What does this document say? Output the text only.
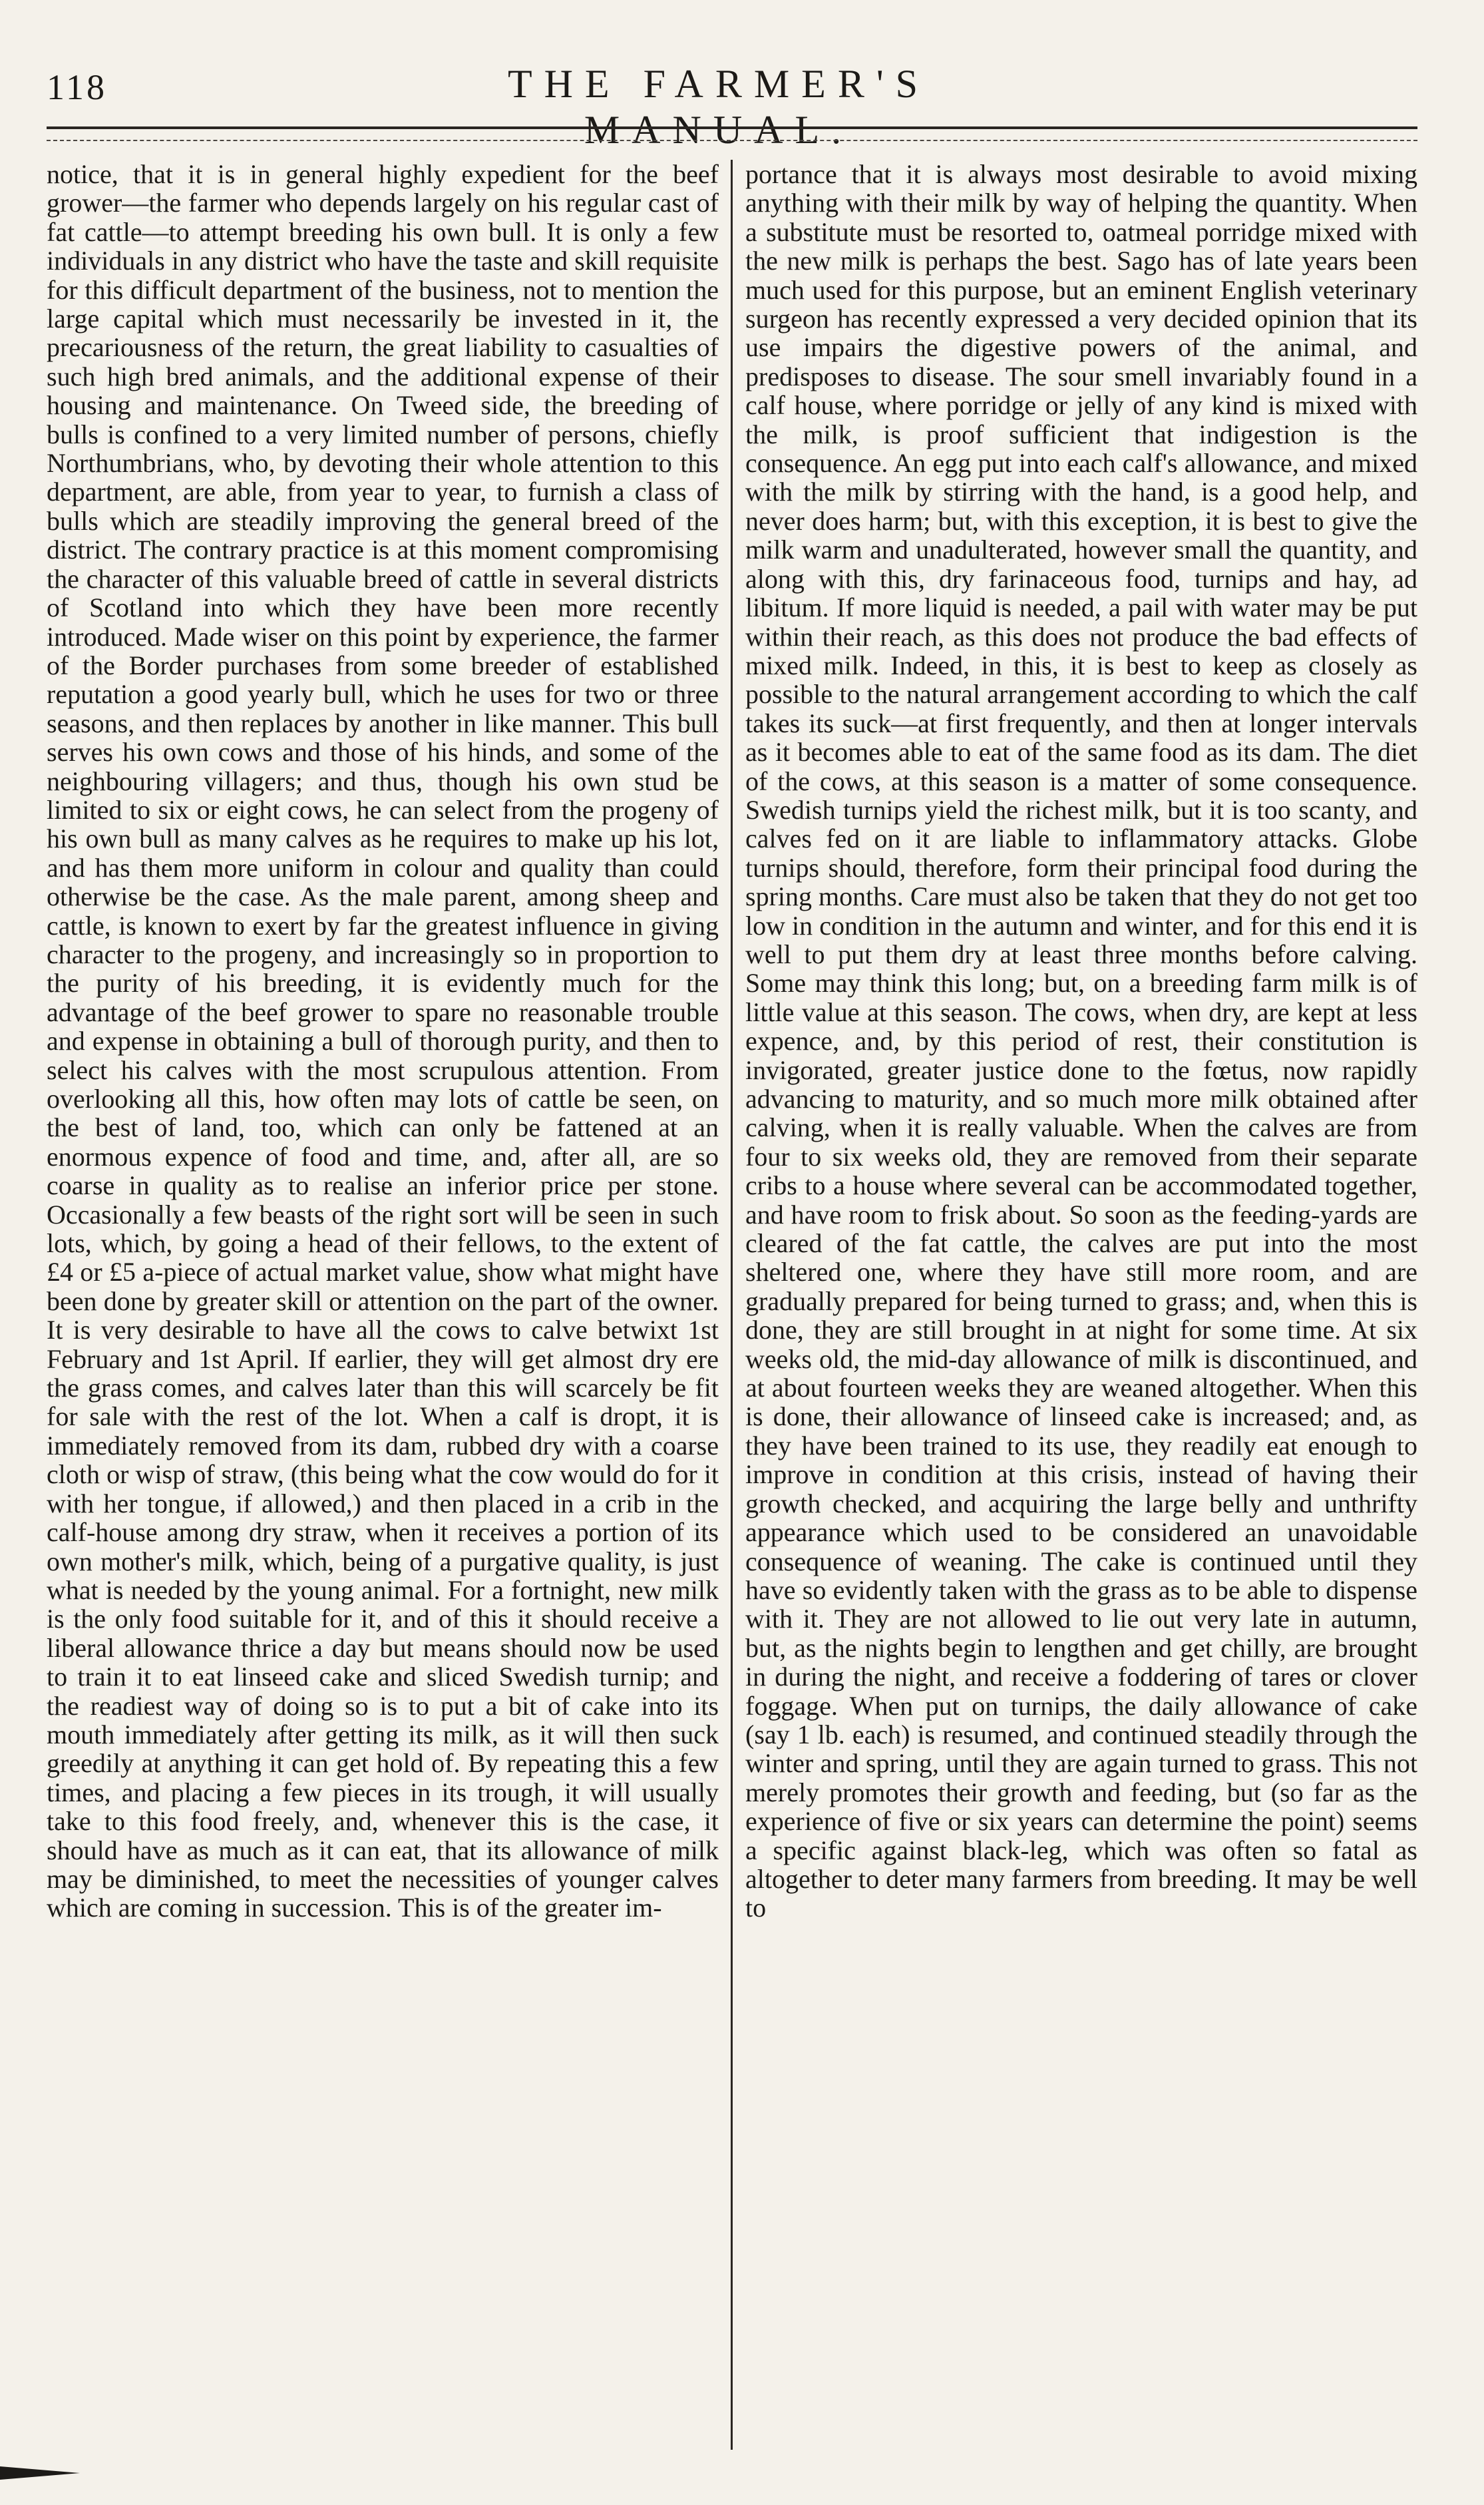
118	THE FARMER'S MANUAL.
notice, that it is in general highly expedient for the beef grower—the farmer who depends largely on his regular cast of fat cattle—to attempt breeding his own bull. It is only a few individuals in any district who have the taste and skill requisite for this difficult department of the business, not to mention the large capital which must necessarily be invested in it, the precariousness of the return, the great liability to casualties of such high bred animals, and the additional expense of their housing and maintenance. On Tweed side, the breeding of bulls is confined to a very limited number of persons, chiefly Northumbrians, who, by devoting their whole attention to this department, are able, from year to year, to furnish a class of bulls which are steadily improving the general breed of the district. The contrary practice is at this moment compromising the character of this valuable breed of cattle in several districts of Scotland into which they have been more recently introduced. Made wiser on this point by experience, the farmer of the Border purchases from some breeder of established reputation a good yearly bull, which he uses for two or three seasons, and then replaces by another in like manner. This bull serves his own cows and those of his hinds, and some of the neighbouring villagers; and thus, though his own stud be limited to six or eight cows, he can select from the progeny of his own bull as many calves as he requires to make up his lot, and has them more uniform in colour and quality than could otherwise be the case. As the male parent, among sheep and cattle, is known to exert by far the greatest influence in giving character to the progeny, and increasingly so in proportion to the purity of his breeding, it is evidently much for the advantage of the beef grower to spare no reasonable trouble and expense in obtaining a bull of thorough purity, and then to select his calves with the most scrupulous attention. From overlooking all this, how often may lots of cattle be seen, on the best of land, too, which can only be fattened at an enormous expence of food and time, and, after all, are so coarse in quality as to realise an inferior price per stone. Occasionally a few beasts of the right sort will be seen in such lots, which, by going a head of their fellows, to the extent of £4 or £5 a-piece of actual market value, show what might have been done by greater skill or attention on the part of the owner. It is very desirable to have all the cows to calve betwixt 1st February and 1st April. If earlier, they will get almost dry ere the grass comes, and calves later than this will scarcely be fit for sale with the rest of the lot. When a calf is dropt, it is immediately removed from its dam, rubbed dry with a coarse cloth or wisp of straw, (this being what the cow would do for it with her tongue, if allowed,) and then placed in a crib in the calf-house among dry straw, when it receives a portion of its own mother's milk, which, being of a purgative quality, is just what is needed by the young animal. For a fortnight, new milk is the only food suitable for it, and of this it should receive a liberal allowance thrice a day but means should now be used to train it to eat linseed cake and sliced Swedish turnip; and the readiest way of doing so is to put a bit of cake into its mouth immediately after getting its milk, as it will then suck greedily at anything it can get hold of. By repeating this a few times, and placing a few pieces in its trough, it will usually take to this food freely, and, whenever this is the case, it should have as much as it can eat, that its allowance of milk may be diminished, to meet the necessities of younger calves which are coming in succession. This is of the greater im-
portance that it is always most desirable to avoid mixing anything with their milk by way of helping the quantity. When a substitute must be resorted to, oatmeal porridge mixed with the new milk is perhaps the best. Sago has of late years been much used for this purpose, but an eminent English veterinary surgeon has recently expressed a very decided opinion that its use impairs the digestive powers of the animal, and predisposes to disease. The sour smell invariably found in a calf house, where porridge or jelly of any kind is mixed with the milk, is proof sufficient that indigestion is the consequence. An egg put into each calf's allowance, and mixed with the milk by stirring with the hand, is a good help, and never does harm; but, with this exception, it is best to give the milk warm and unadulterated, however small the quantity, and along with this, dry farinaceous food, turnips and hay, ad libitum. If more liquid is needed, a pail with water may be put within their reach, as this does not produce the bad effects of mixed milk. Indeed, in this, it is best to keep as closely as possible to the natural arrangement according to which the calf takes its suck—at first frequently, and then at longer intervals as it becomes able to eat of the same food as its dam. The diet of the cows, at this season is a matter of some consequence. Swedish turnips yield the richest milk, but it is too scanty, and calves fed on it are liable to inflammatory attacks. Globe turnips should, therefore, form their principal food during the spring months. Care must also be taken that they do not get too low in condition in the autumn and winter, and for this end it is well to put them dry at least three months before calving. Some may think this long; but, on a breeding farm milk is of little value at this season. The cows, when dry, are kept at less expence, and, by this period of rest, their constitution is invigorated, greater justice done to the fœtus, now rapidly advancing to maturity, and so much more milk obtained after calving, when it is really valuable. When the calves are from four to six weeks old, they are removed from their separate cribs to a house where several can be accommodated together, and have room to frisk about. So soon as the feeding-yards are cleared of the fat cattle, the calves are put into the most sheltered one, where they have still more room, and are gradually prepared for being turned to grass; and, when this is done, they are still brought in at night for some time. At six weeks old, the mid-day allowance of milk is discontinued, and at about fourteen weeks they are weaned altogether. When this is done, their allowance of linseed cake is increased; and, as they have been trained to its use, they readily eat enough to improve in condition at this crisis, instead of having their growth checked, and acquiring the large belly and unthrifty appearance which used to be considered an unavoidable consequence of weaning. The cake is continued until they have so evidently taken with the grass as to be able to dispense with it. They are not allowed to lie out very late in autumn, but, as the nights begin to lengthen and get chilly, are brought in during the night, and receive a foddering of tares or clover foggage. When put on turnips, the daily allowance of cake (say 1 lb. each) is resumed, and continued steadily through the winter and spring, until they are again turned to grass. This not merely promotes their growth and feeding, but (so far as the experience of five or six years can determine the point) seems a specific against black-leg, which was often so fatal as altogether to deter many farmers from breeding. It may be well to
